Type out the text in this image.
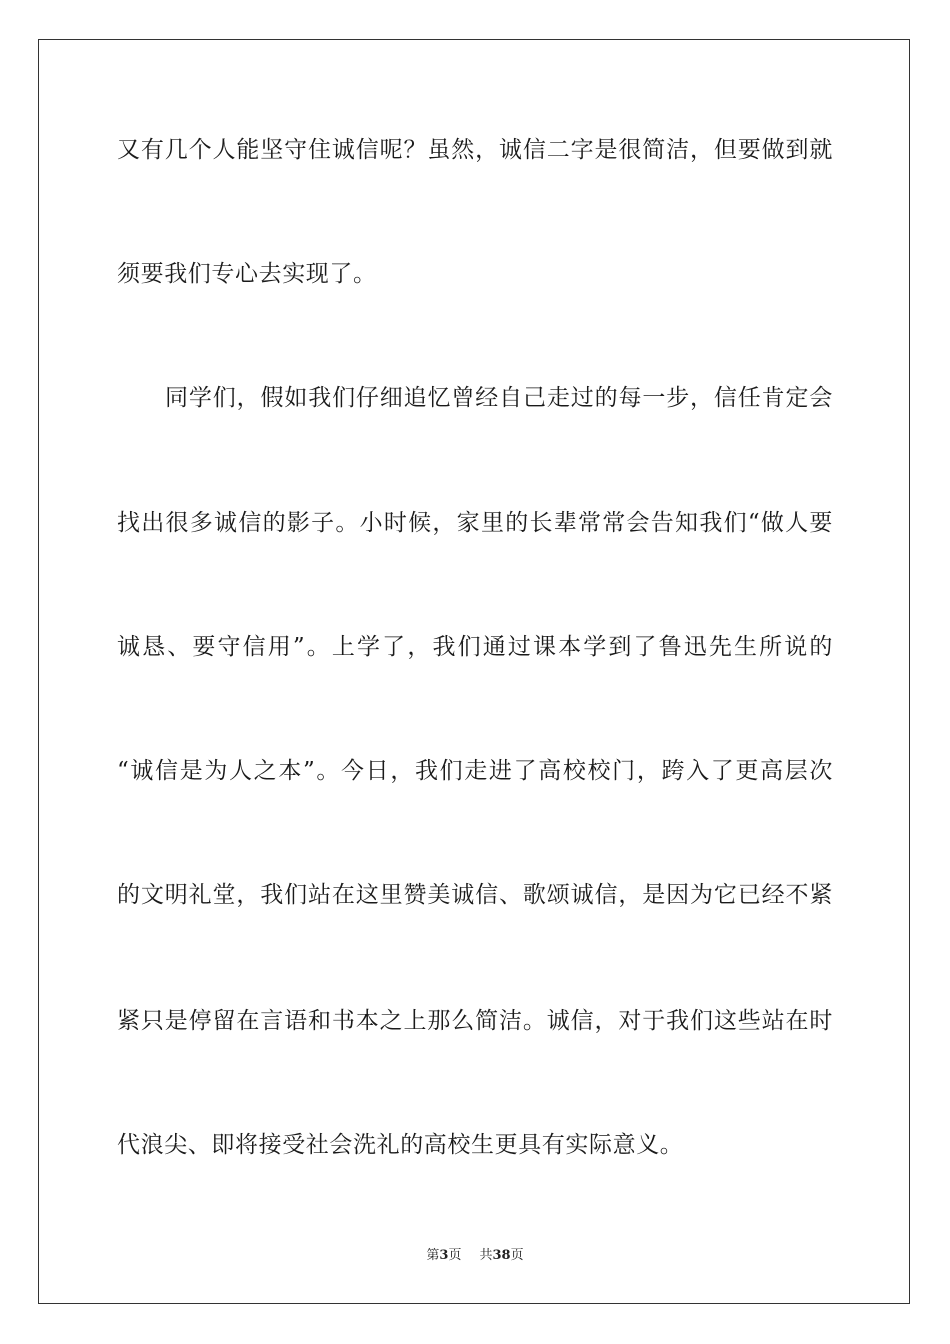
又有几个人能坚守住诚信呢？虽然，诚信二字是很简洁，但要做到就
须要我们专心去实现了。
同学们，假如我们仔细追忆曾经自己走过的每一步，信任肯定会
找出很多诚信的影子。小时候，家里的长辈常常会告知我们“做人要
诚恳、要守信用”。上学了，我们通过课本学到了鲁迅先生所说的
“诚信是为人之本”。今日，我们走进了高校校门，跨入了更高层次
的文明礼堂，我们站在这里赞美诚信、歌颂诚信，是因为它已经不紧
紧只是停留在言语和书本之上那么简洁。诚信，对于我们这些站在时
代浪尖、即将接受社会洗礼的高校生更具有实际意义。
第3页 共38页
